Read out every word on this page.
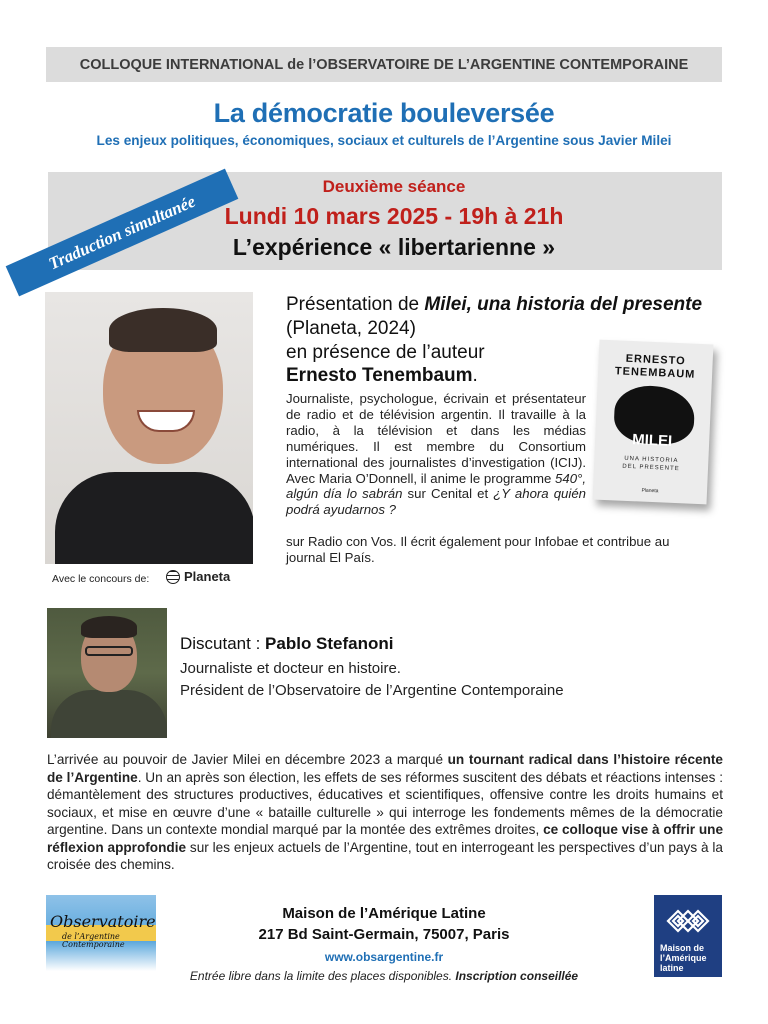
COLLOQUE INTERNATIONAL de l’OBSERVATOIRE DE L’ARGENTINE CONTEMPORAINE
La démocratie bouleversée
Les enjeux politiques, économiques, sociaux et culturels de l’Argentine sous Javier Milei
Deuxième séance
Lundi 10 mars 2025 - 19h à 21h
L’expérience « libertarienne »
Traduction simultanée
Avec le concours de:	Planeta
Présentation de Milei, una historia del presente
(Planeta, 2024)
en présence de l’auteur
Ernesto Tenembaum.
Journaliste, psychologue, écrivain et présentateur de radio et de télévision argentin. Il travaille à la radio, à la télévision et dans les médias numériques. Il est membre du Consortium international des journalistes d’investigation (ICIJ). Avec Maria O’Donnell, il anime le programme 540°, algún día lo sabrán sur Cenital et ¿Y ahora quién podrá ayudarnos ?
sur Radio con Vos. Il écrit également pour Infobae et contribue au journal El País.
ERNESTO
TENEMBAUM
MILEI
UNA HISTORIA
DEL PRESENTE
Planeta
Discutant : Pablo Stefanoni
Journaliste et docteur en histoire.
Président de l’Observatoire de l’Argentine Contemporaine
L’arrivée au pouvoir de Javier Milei en décembre 2023 a marqué un tournant radical dans l’histoire récente de l’Argentine. Un an après son élection, les effets de ses réformes suscitent des débats et réactions intenses : démantèlement des structures productives, éducatives et scientifiques, offensive contre les droits humains et sociaux, et mise en œuvre d’une « bataille culturelle » qui interroge les fondements mêmes de la démocratie argentine. Dans un contexte mondial marqué par la montée des extrêmes droites, ce colloque vise à offrir une réflexion approfondie sur les enjeux actuels de l’Argentine, tout en interrogeant les perspectives d’un pays à la croisée des chemins.
Observatoire
de l’Argentine Contemporaine
Maison de l’Amérique Latine
217 Bd Saint-Germain, 75007, Paris
www.obsargentine.fr
Entrée libre dans la limite des places disponibles. Inscription conseillée
Maison de l’Amérique latine
